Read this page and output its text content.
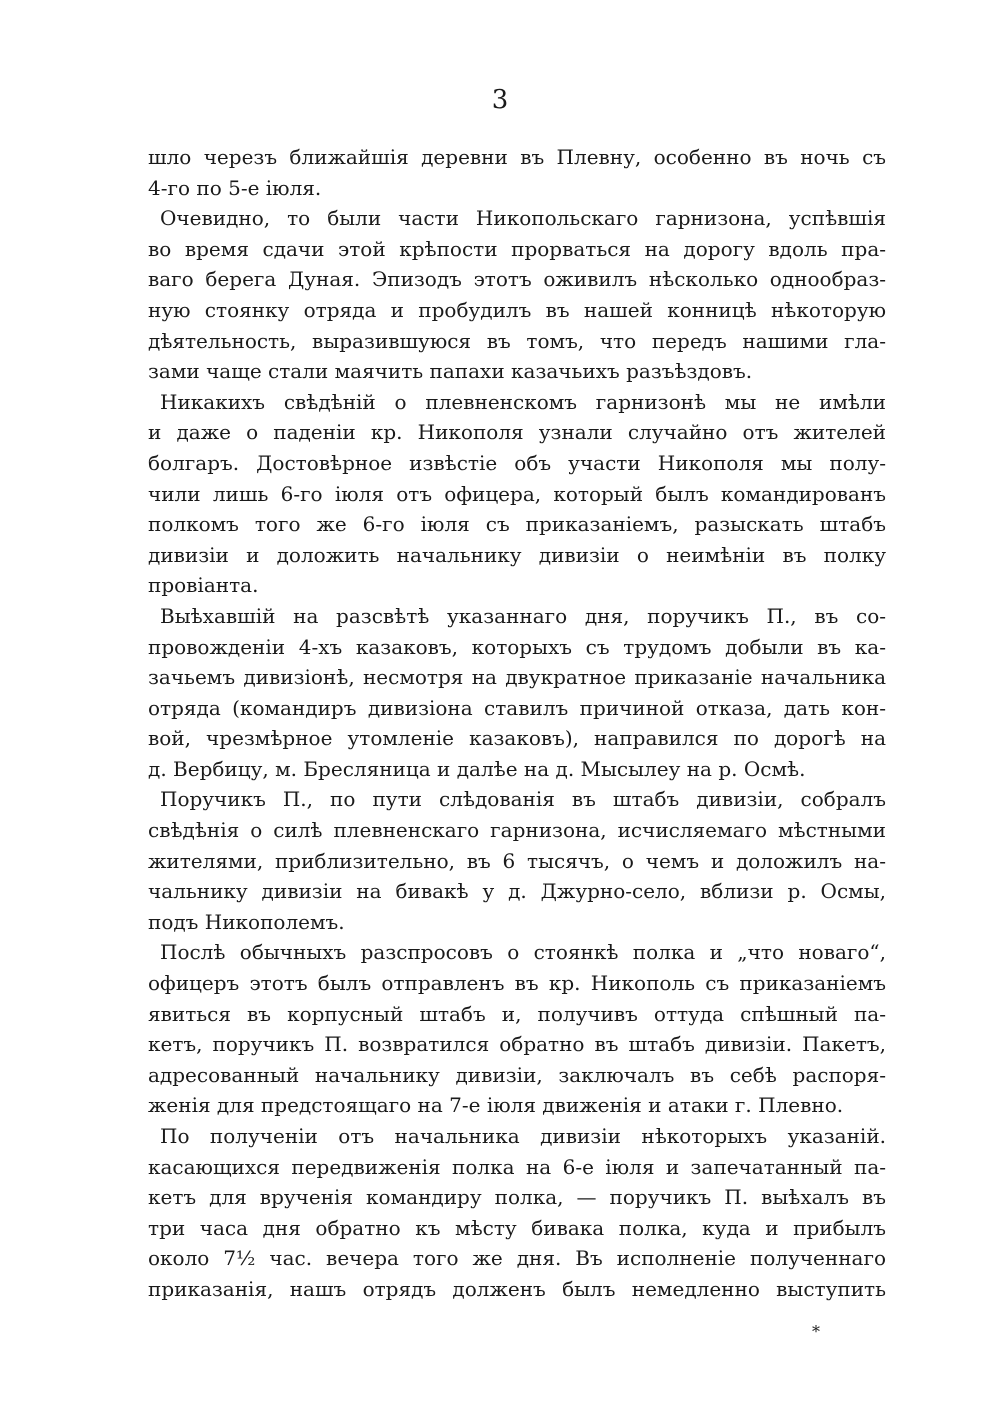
3
шло черезъ ближайшія деревни въ Плевну, особенно въ ночь съ
4-го по 5-е іюля.
Очевидно, то были части Никопольскаго гарнизона, успѣвшія
во время сдачи этой крѣпости прорваться на дорогу вдоль пра-
ваго берега Дуная. Эпизодъ этотъ оживилъ нѣсколько однообраз-
ную стоянку отряда и пробудилъ въ нашей конницѣ нѣкоторую
дѣятельность, выразившуюся въ томъ, что передъ нашими гла-
зами чаще стали маячить папахи казачьихъ разъѣздовъ.
Никакихъ свѣдѣній о плевненскомъ гарнизонѣ мы не имѣли
и даже о паденіи кр. Никополя узнали случайно отъ жителей
болгаръ. Достовѣрное извѣстіе объ участи Никополя мы полу-
чили лишь 6-го іюля отъ офицера, который былъ командированъ
полкомъ того же 6-го іюля съ приказаніемъ, разыскать штабъ
дивизіи и доложить начальнику дивизіи о неимѣніи въ полку
провіанта.
Выѣхавшій на разсвѣтѣ указаннаго дня, поручикъ П., въ со-
провожденіи 4-хъ казаковъ, которыхъ съ трудомъ добыли въ ка-
зачьемъ дивизіонѣ, несмотря на двукратное приказаніе начальника
отряда (командиръ дивизіона ставилъ причиной отказа, дать кон-
вой, чрезмѣрное утомленіе казаковъ), направился по дорогѣ на
д. Вербицу, м. Бресляница и далѣе на д. Мысылеу на р. Осмѣ.
Поручикъ П., по пути слѣдованія въ штабъ дивизіи, собралъ
свѣдѣнія о силѣ плевненскаго гарнизона, исчисляемаго мѣстными
жителями, приблизительно, въ 6 тысячъ, о чемъ и доложилъ на-
чальнику дивизіи на бивакѣ у д. Джурно-село, вблизи р. Осмы,
подъ Никополемъ.
Послѣ обычныхъ разспросовъ о стоянкѣ полка и „что новаго“,
офицеръ этотъ былъ отправленъ въ кр. Никополь съ приказаніемъ
явиться въ корпусный штабъ и, получивъ оттуда спѣшный па-
кетъ, поручикъ П. возвратился обратно въ штабъ дивизіи. Пакетъ,
адресованный начальнику дивизіи, заключалъ въ себѣ распоря-
женія для предстоящаго на 7-е іюля движенія и атаки г. Плевно.
По полученіи отъ начальника дивизіи нѣкоторыхъ указаній.
касающихся передвиженія полка на 6-е іюля и запечатанный па-
кетъ для врученія командиру полка, — поручикъ П. выѣхалъ въ
три часа дня обратно къ мѣсту бивака полка, куда и прибылъ
около 7½ час. вечера того же дня. Въ исполненіе полученнаго
приказанія, нашъ отрядъ долженъ былъ немедленно выступить
*
